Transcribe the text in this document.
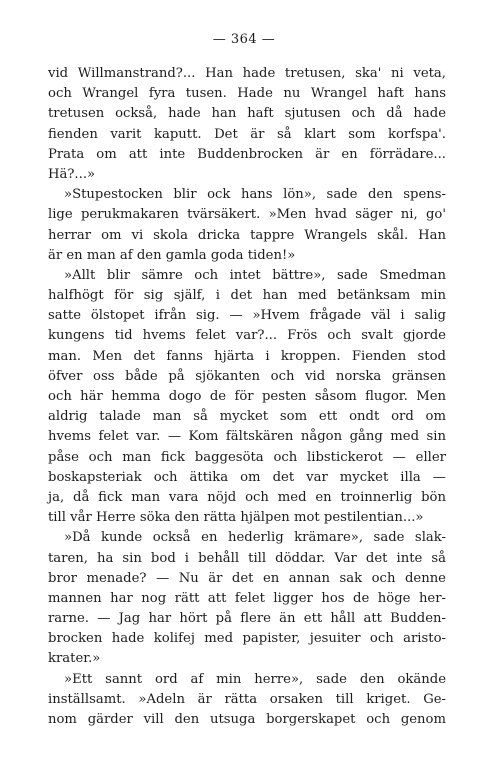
— 364 —
vid Willmanstrand?... Han hade tretusen, ska' ni veta,
och Wrangel fyra tusen. Hade nu Wrangel haft hans
tretusen också, hade han haft sjutusen och då hade
fienden varit kaputt. Det är så klart som korfspa'.
Prata om att inte Buddenbrocken är en förrädare...
Hä?...»
»Stupestocken blir ock hans lön», sade den spens-
lige perukmakaren tvärsäkert. »Men hvad säger ni, go'
herrar om vi skola dricka tappre Wrangels skål. Han
är en man af den gamla goda tiden!»
»Allt blir sämre och intet bättre», sade Smedman
halfhögt för sig själf, i det han med betänksam min
satte ölstopet ifrån sig. — »Hvem frågade väl i salig
kungens tid hvems felet var?... Frös och svalt gjorde
man. Men det fanns hjärta i kroppen. Fienden stod
öfver oss både på sjökanten och vid norska gränsen
och här hemma dogo de för pesten såsom flugor. Men
aldrig talade man så mycket som ett ondt ord om
hvems felet var. — Kom fältskären någon gång med sin
påse och man fick baggesöta och libstickerot — eller
boskapsteriak och ättika om det var mycket illa —
ja, då fick man vara nöjd och med en troinnerlig bön
till vår Herre söka den rätta hjälpen mot pestilentian...»
»Då kunde också en hederlig krämare», sade slak-
taren, ha sin bod i behåll till döddar. Var det inte så
bror menade? — Nu är det en annan sak och denne
mannen har nog rätt att felet ligger hos de höge her-
rarne. — Jag har hört på flere än ett håll att Budden-
brocken hade kolifej med papister, jesuiter och aristo-
krater.»
»Ett sannt ord af min herre», sade den okände
inställsamt. »Adeln är rätta orsaken till kriget. Ge-
nom gärder vill den utsuga borgerskapet och genom
